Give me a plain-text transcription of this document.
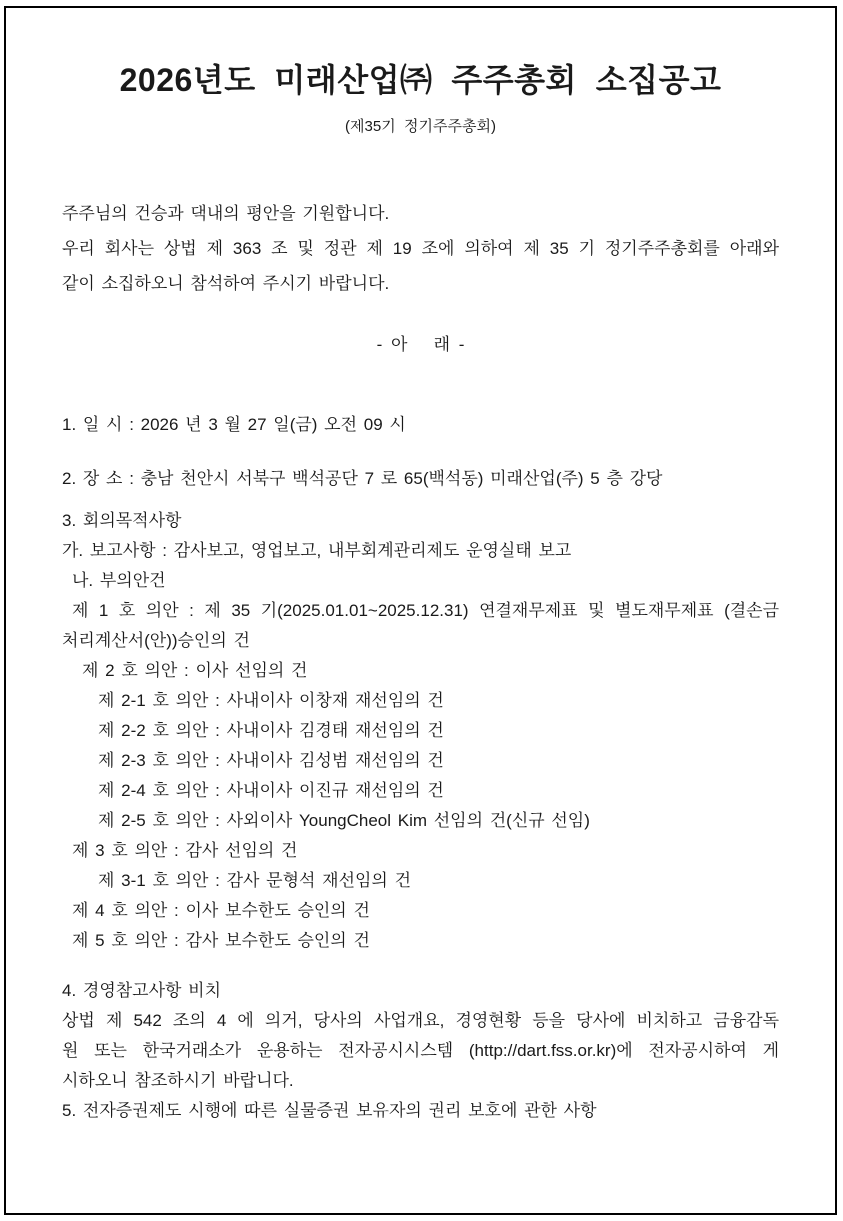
2026년도  미래산업㈜  주주총회  소집공고
(제35기  정기주주총회)
주주님의 건승과 댁내의 평안을 기원합니다.
우리 회사는 상법 제 363 조 및 정관 제 19 조에 의하여 제 35 기 정기주주총회를 아래와
같이 소집하오니 참석하여 주시기 바랍니다.
- 아   래 -
1. 일 시 : 2026 년 3 월 27 일(금) 오전 09 시
2. 장 소 : 충남 천안시 서북구 백석공단 7 로 65(백석동) 미래산업(주) 5 층 강당
3. 회의목적사항
가. 보고사항 : 감사보고, 영업보고, 내부회계관리제도 운영실태 보고
나. 부의안건
제 1 호 의안 : 제 35 기(2025.01.01~2025.12.31) 연결재무제표 및 별도재무제표 (결손금
처리계산서(안))승인의 건
제 2 호 의안 : 이사 선임의 건
제 2-1 호 의안 : 사내이사 이창재 재선임의 건
제 2-2 호 의안 : 사내이사 김경태 재선임의 건
제 2-3 호 의안 : 사내이사 김성범 재선임의 건
제 2-4 호 의안 : 사내이사 이진규 재선임의 건
제 2-5 호 의안 : 사외이사 YoungCheol Kim 선임의 건(신규 선임)
제 3 호 의안 : 감사 선임의 건
제 3-1 호 의안 : 감사 문형석 재선임의 건
제 4 호 의안 : 이사 보수한도 승인의 건
제 5 호 의안 : 감사 보수한도 승인의 건
4. 경영참고사항 비치
상법 제 542 조의 4 에 의거, 당사의 사업개요, 경영현황 등을 당사에 비치하고 금융감독
원 또는 한국거래소가 운용하는 전자공시시스템 (http://dart.fss.or.kr)에 전자공시하여 게
시하오니 참조하시기 바랍니다.
5. 전자증권제도 시행에 따른 실물증권 보유자의 권리 보호에 관한 사항
